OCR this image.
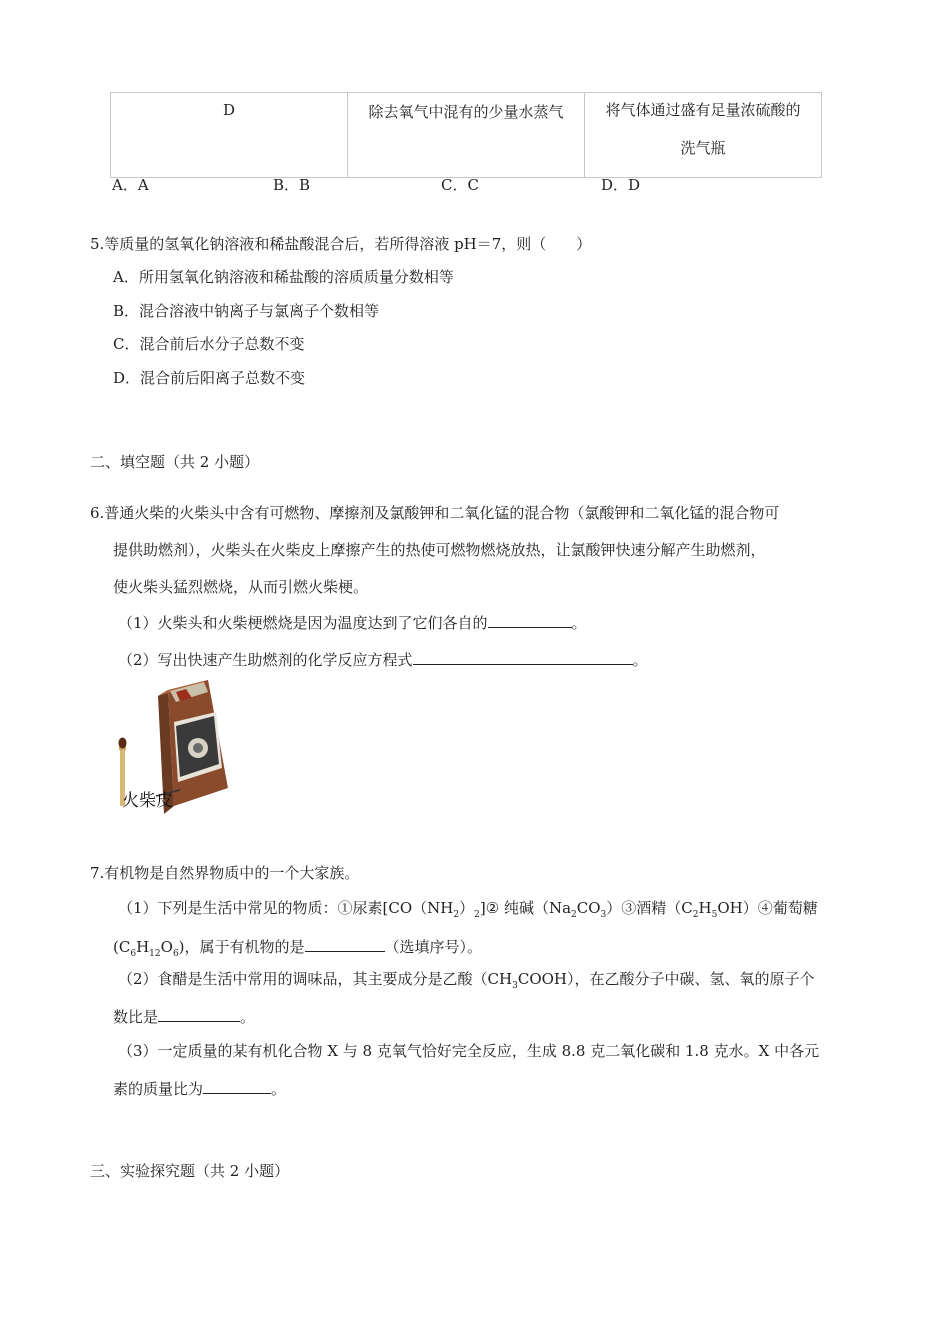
D	除去氧气中混有的少量水蒸气	将气体通过盛有足量浓硫酸的
洗气瓶
A．A	B．B	C．C	D．D
5.等质量的氢氧化钠溶液和稀盐酸混合后，若所得溶液 pH＝7，则（　　）
A．所用氢氧化钠溶液和稀盐酸的溶质质量分数相等
B．混合溶液中钠离子与氯离子个数相等
C．混合前后水分子总数不变
D．混合前后阳离子总数不变
二、填空题（共 2 小题）
6.普通火柴的火柴头中含有可燃物、摩擦剂及氯酸钾和二氧化锰的混合物（氯酸钾和二氧化锰的混合物可
提供助燃剂），火柴头在火柴皮上摩擦产生的热使可燃物燃烧放热，让氯酸钾快速分解产生助燃剂，
使火柴头猛烈燃烧，从而引燃火柴梗。
（1）火柴头和火柴梗燃烧是因为温度达到了它们各自的	。
（2）写出快速产生助燃剂的化学反应方程式	。
火柴皮
7.有机物是自然界物质中的一个大家族。
（1）下列是生活中常见的物质：①尿素$[CO(NH_2)_2]②$ 纯碱$(Na_2CO_3)③$酒精$(C_2H_5OH)④$葡萄糖
$(C_6H_{12}O_6)$，属于有机物的是	（选填序号）。
（2）食醋是生活中常用的调味品，其主要成分是乙酸$(CH_3COOH)$，在乙酸分子中碳、氢、氧的原子个
数比是	。
（3）一定质量的某有机化合物 X 与 8 克氧气恰好完全反应，生成 8.8 克二氧化碳和 1.8 克水。X 中各元
素的质量比为	。
三、实验探究题（共 2 小题）
